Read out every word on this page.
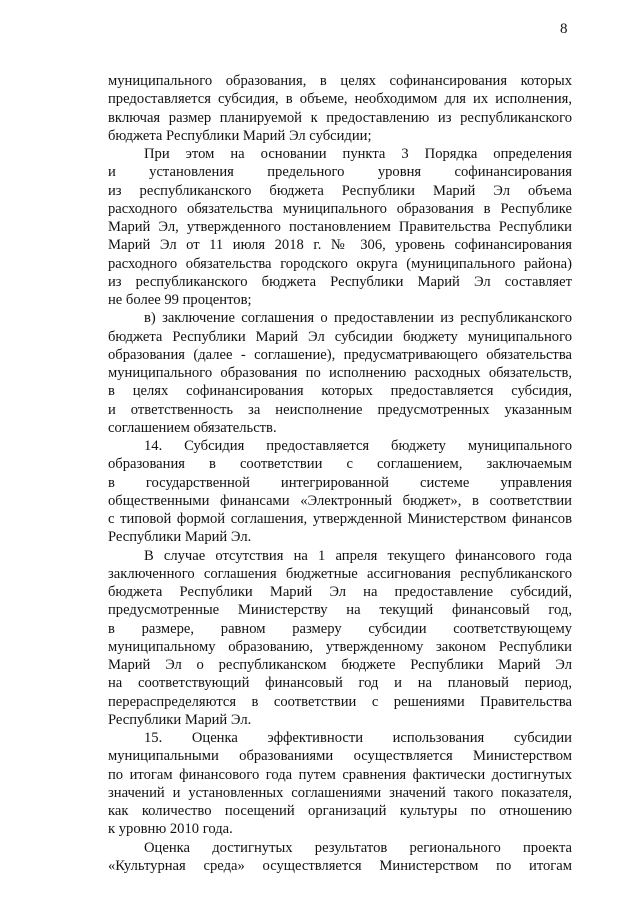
8
муниципального образования, в целях софинансирования которых
предоставляется субсидия, в объеме, необходимом для их исполнения,
включая размер планируемой к предоставлению из республиканского
бюджета Республики Марий Эл субсидии;
При этом на основании пункта 3 Порядка определения
и установления предельного уровня софинансирования
из республиканского бюджета Республики Марий Эл объема
расходного обязательства муниципального образования в Республике
Марий Эл, утвержденного постановлением Правительства Республики
Марий Эл от 11 июля 2018 г. № 306, уровень софинансирования
расходного обязательства городского округа (муниципального района)
из республиканского бюджета Республики Марий Эл составляет
не более 99 процентов;
в) заключение соглашения о предоставлении из республиканского
бюджета Республики Марий Эл субсидии бюджету муниципального
образования (далее - соглашение), предусматривающего обязательства
муниципального образования по исполнению расходных обязательств,
в целях софинансирования которых предоставляется субсидия,
и ответственность за неисполнение предусмотренных указанным
соглашением обязательств.
14. Субсидия предоставляется бюджету муниципального
образования в соответствии с соглашением, заключаемым
в государственной интегрированной системе управления
общественными финансами «Электронный бюджет», в соответствии
с типовой формой соглашения, утвержденной Министерством финансов
Республики Марий Эл.
В случае отсутствия на 1 апреля текущего финансового года
заключенного соглашения бюджетные ассигнования республиканского
бюджета Республики Марий Эл на предоставление субсидий,
предусмотренные Министерству на текущий финансовый год,
в размере, равном размеру субсидии соответствующему
муниципальному образованию, утвержденному законом Республики
Марий Эл о республиканском бюджете Республики Марий Эл
на соответствующий финансовый год и на плановый период,
перераспределяются в соответствии с решениями Правительства
Республики Марий Эл.
15. Оценка эффективности использования субсидии
муниципальными образованиями осуществляется Министерством
по итогам финансового года путем сравнения фактически достигнутых
значений и установленных соглашениями значений такого показателя,
как количество посещений организаций культуры по отношению
к уровню 2010 года.
Оценка достигнутых результатов регионального проекта
«Культурная среда» осуществляется Министерством по итогам
